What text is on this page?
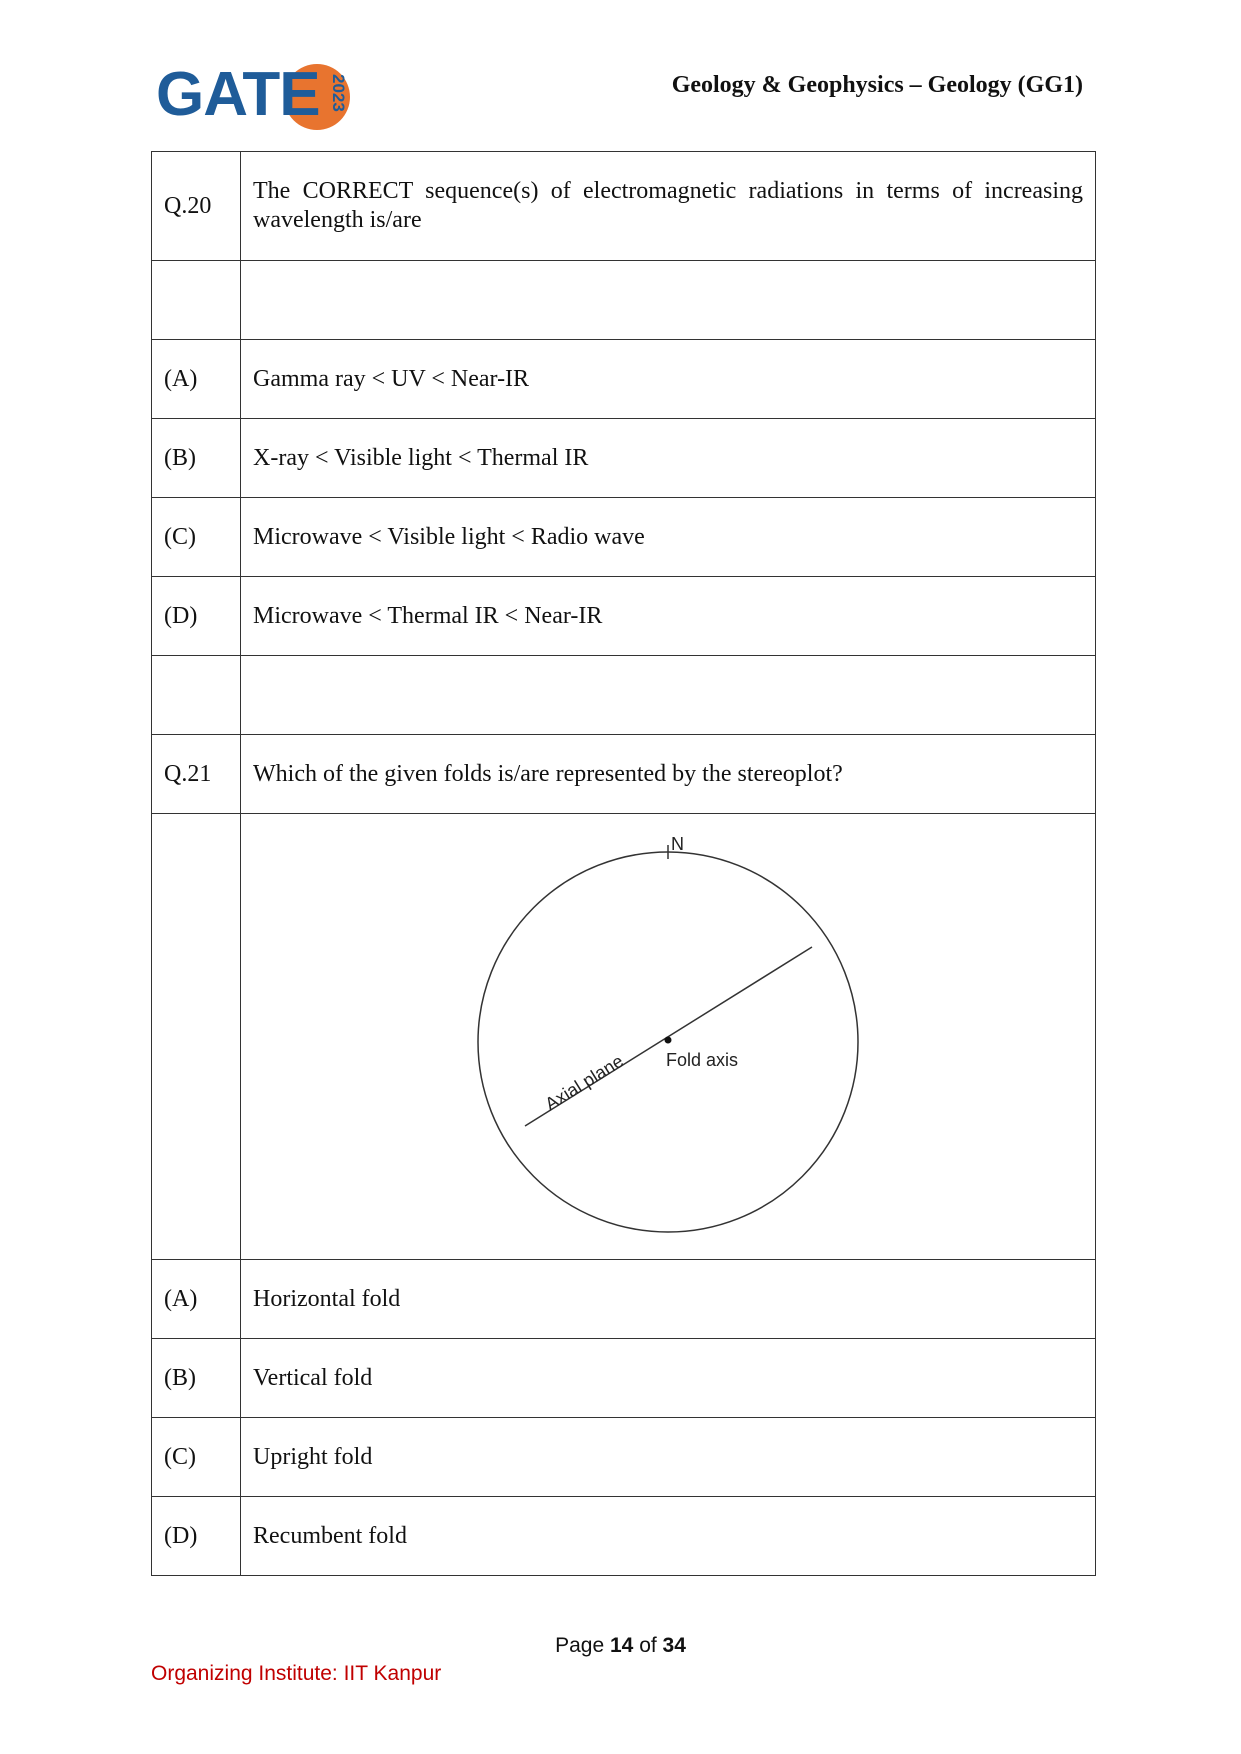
GATE 2023	Geology & Geophysics – Geology (GG1)
Q.20	The CORRECT sequence(s) of electromagnetic radiations in terms of increasing wavelength is/are

(A)	Gamma ray < UV < Near-IR
(B)	X-ray < Visible light < Thermal IR
(C)	Microwave < Visible light < Radio wave
(D)	Microwave < Thermal IR < Near-IR

Q.21	Which of the given folds is/are represented by the stereoplot?

N
Fold axis
Axial plane

(A)	Horizontal fold
(B)	Vertical fold
(C)	Upright fold
(D)	Recumbent fold
Page 14 of 34
Organizing Institute: IIT Kanpur
